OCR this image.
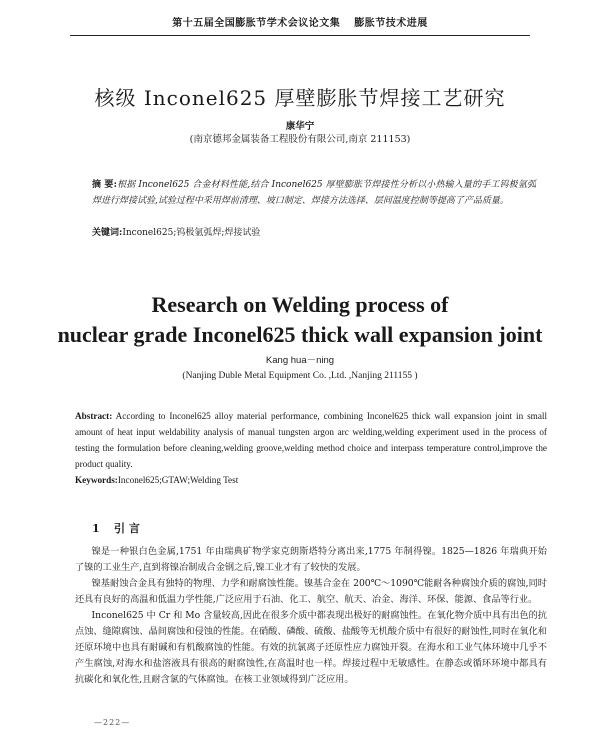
第十五届全国膨胀节学术会议论文集 膨胀节技术进展
核级 Inconel625 厚壁膨胀节焊接工艺研究
康华宁
(南京德邦金属装备工程股份有限公司,南京 211153)

摘 要:根据 Inconel625 合金材料性能,结合 Inconel625 厚壁膨胀节焊接性分析以小热输入量的手工钨极氩弧焊进行焊接试验,试验过程中采用焊前清理、坡口制定、焊接方法选择、层间温度控制等提高了产品质量。

关键词:Inconel625;钨极氩弧焊;焊接试验

Research on Welding process of
nuclear grade Inconel625 thick wall expansion joint
Kang hua－ning
(Nanjing Duble Metal Equipment Co. ,Ltd. ,Nanjing 211155 )

Abstract: According to Inconel625 alloy material performance, combining Inconel625 thick wall expansion joint in small amount of heat input weldability analysis of manual tungsten argon arc welding,welding experiment used in the process of testing the formulation before cleaning,welding groove,welding method choice and interpass temperature control,improve the product quality.

Keywords:Inconel625;GTAW;Welding Test

1 引 言

镍是一种银白色金属,1751 年由瑞典矿物学家克朗斯塔特分离出来,1775 年制得镍。1825—1826 年瑞典开始了镍的工业生产,直到将镍冶制成合金钢之后,镍工业才有了较快的发展。

镍基耐蚀合金具有独特的物理、力学和耐腐蚀性能。镍基合金在 200℃～1090℃能耐各种腐蚀介质的腐蚀,同时还具有良好的高温和低温力学性能,广泛应用于石油、化工、航空、航天、冶金、海洋、环保、能源、食品等行业。

Inconel625 中 Cr 和 Mo 含量较高,因此在很多介质中都表现出极好的耐腐蚀性。在氧化物介质中具有出色的抗点蚀、缝隙腐蚀、晶间腐蚀和侵蚀的性能。在硝酸、磷酸、硫酸、盐酸等无机酸介质中有很好的耐蚀性,同时在氧化和还原环境中也具有耐碱和有机酸腐蚀的性能。有效的抗氯离子还原性应力腐蚀开裂。在海水和工业气体环境中几乎不产生腐蚀,对海水和盐溶液具有很高的耐腐蚀性,在高温时也一样。焊接过程中无敏感性。在静态或循环环境中都具有抗碳化和氧化性,且耐含氯的气体腐蚀。在核工业领域得到广泛应用。

—222—
